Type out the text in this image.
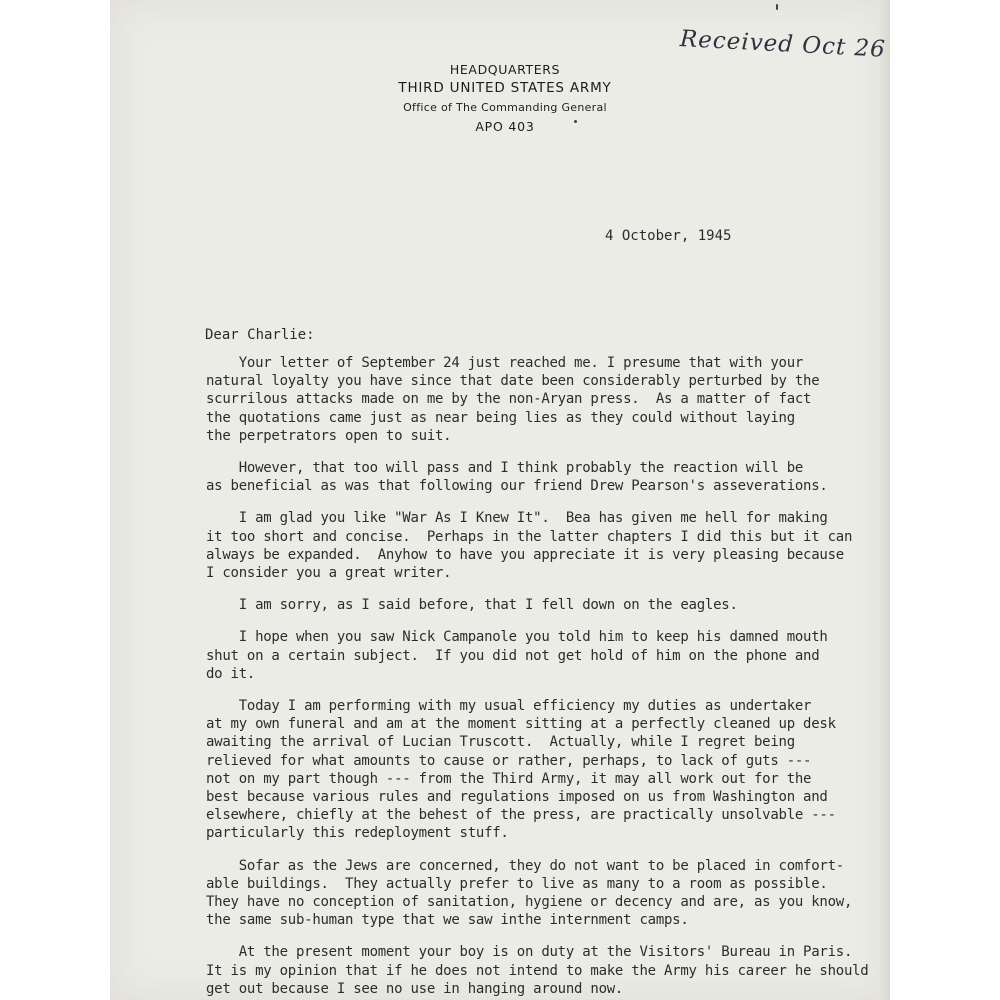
Received Oct 26
HEADQUARTERS
THIRD UNITED STATES ARMY
Office of The Commanding General
APO 403
4 October, 1945
Dear Charlie:

Your letter of September 24 just reached me. I presume that with your
natural loyalty you have since that date been considerably perturbed by the
scurrilous attacks made on me by the non-Aryan press.  As a matter of fact
the quotations came just as near being lies as they could without laying
the perpetrators open to suit.

However, that too will pass and I think probably the reaction will be
as beneficial as was that following our friend Drew Pearson's asseverations.

I am glad you like "War As I Knew It".  Bea has given me hell for making
it too short and concise.  Perhaps in the latter chapters I did this but it can
always be expanded.  Anyhow to have you appreciate it is very pleasing because
I consider you a great writer.

I am sorry, as I said before, that I fell down on the eagles.

I hope when you saw Nick Campanole you told him to keep his damned mouth
shut on a certain subject.  If you did not get hold of him on the phone and
do it.

Today I am performing with my usual efficiency my duties as undertaker
at my own funeral and am at the moment sitting at a perfectly cleaned up desk
awaiting the arrival of Lucian Truscott.  Actually, while I regret being
relieved for what amounts to cause or rather, perhaps, to lack of guts ---
not on my part though --- from the Third Army, it may all work out for the
best because various rules and regulations imposed on us from Washington and
elsewhere, chiefly at the behest of the press, are practically unsolvable ---
particularly this redeployment stuff.

Sofar as the Jews are concerned, they do not want to be placed in comfort-
able buildings.  They actually prefer to live as many to a room as possible.
They have no conception of sanitation, hygiene or decency and are, as you know,
the same sub-human type that we saw inthe internment camps.

At the present moment your boy is on duty at the Visitors' Bureau in Paris.
It is my opinion that if he does not intend to make the Army his career he should
get out because I see no use in hanging around now.
